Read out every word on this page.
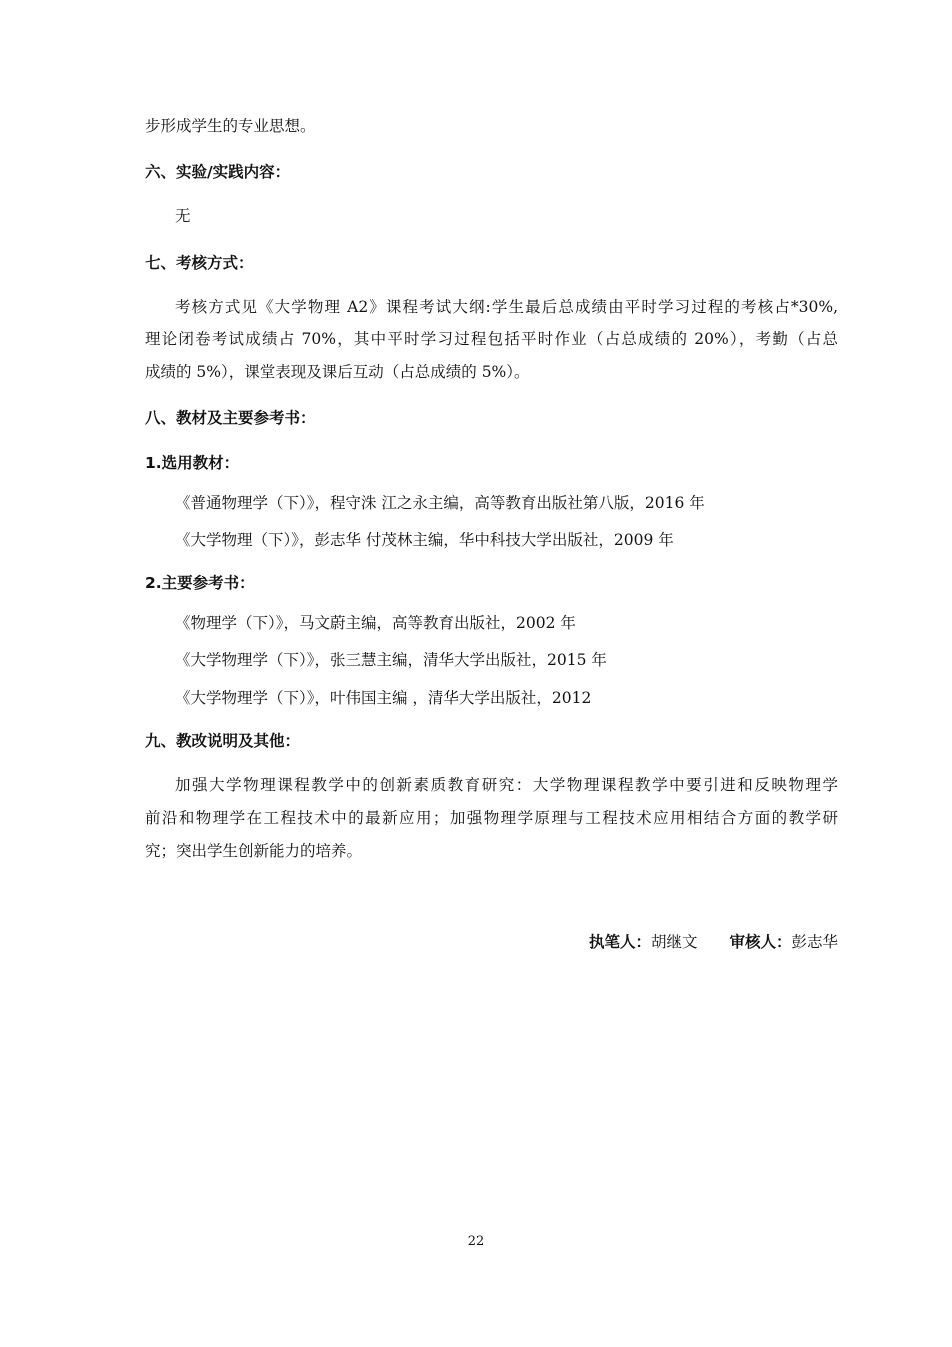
步形成学生的专业思想。
六、实验/实践内容：
无
七、考核方式：
考核方式见《大学物理 A2》课程考试大纲:学生最后总成绩由平时学习过程的考核占*30%,
理论闭卷考试成绩占 70%，其中平时学习过程包括平时作业（占总成绩的 20%），考勤（占总
成绩的 5%），课堂表现及课后互动（占总成绩的 5%）。
八、教材及主要参考书：
1.选用教材：
《普通物理学（下）》，程守洙 江之永主编，高等教育出版社第八版，2016 年
《大学物理（下）》，彭志华 付茂林主编，华中科技大学出版社，2009 年
2.主要参考书：
《物理学（下）》，马文蔚主编，高等教育出版社，2002 年
《大学物理学（下）》，张三慧主编，清华大学出版社，2015 年
《大学物理学（下）》，叶伟国主编 ，清华大学出版社，2012
九、教改说明及其他：
加强大学物理课程教学中的创新素质教育研究：大学物理课程教学中要引进和反映物理学
前沿和物理学在工程技术中的最新应用；加强物理学原理与工程技术应用相结合方面的教学研
究；突出学生创新能力的培养。
执笔人：胡继文 审核人：彭志华
22
